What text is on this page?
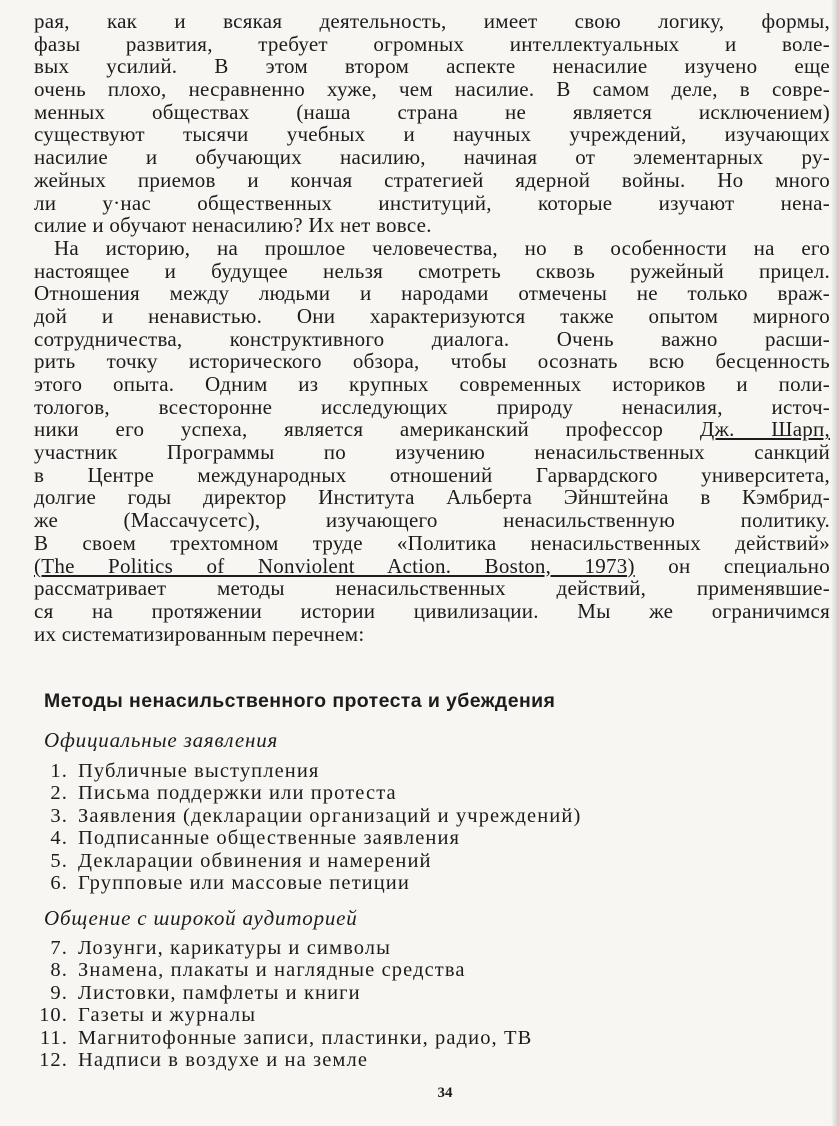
рая, как и всякая деятельность, имеет свою логику, формы,
фазы развития, требует огромных интеллектуальных и воле-
вых усилий. В этом втором аспекте ненасилие изучено еще
очень плохо, несравненно хуже, чем насилие. В самом деле, в совре-
менных обществах (наша страна не является исключением)
существуют тысячи учебных и научных учреждений, изучающих
насилие и обучающих насилию, начиная от элементарных ру-
жейных приемов и кончая стратегией ядерной войны. Но много
ли у·нас общественных институций, которые изучают нена-
силие и обучают ненасилию? Их нет вовсе.
На историю, на прошлое человечества, но в особенности на его
настоящее и будущее нельзя смотреть сквозь ружейный прицел.
Отношения между людьми и народами отмечены не только враж-
дой и ненавистью. Они характеризуются также опытом мирного
сотрудничества, конструктивного диалога. Очень важно расши-
рить точку исторического обзора, чтобы осознать всю бесценность
этого опыта. Одним из крупных современных историков и поли-
тологов, всесторонне исследующих природу ненасилия, источ-
ники его успеха, является американский профессор Дж. Шарп,
участник Программы по изучению ненасильственных санкций
в Центре международных отношений Гарвардского университета,
долгие годы директор Института Альберта Эйнштейна в Кэмбрид-
же (Массачусетс), изучающего ненасильственную политику.
В своем трехтомном труде «Политика ненасильственных действий»
(The Politics of Nonviolent Action. Boston, 1973) он специально
рассматривает методы ненасильственных действий, применявшие-
ся на протяжении истории цивилизации. Мы же ограничимся
их систематизированным перечнем:
Методы ненасильственного протеста и убеждения
Официальные заявления
1. Публичные выступления
2. Письма поддержки или протеста
3. Заявления (декларации организаций и учреждений)
4. Подписанные общественные заявления
5. Декларации обвинения и намерений
6. Групповые или массовые петиции
Общение с широкой аудиторией
7. Лозунги, карикатуры и символы
8. Знамена, плакаты и наглядные средства
9. Листовки, памфлеты и книги
10. Газеты и журналы
11. Магнитофонные записи, пластинки, радио, ТВ
12. Надписи в воздухе и на земле
34
